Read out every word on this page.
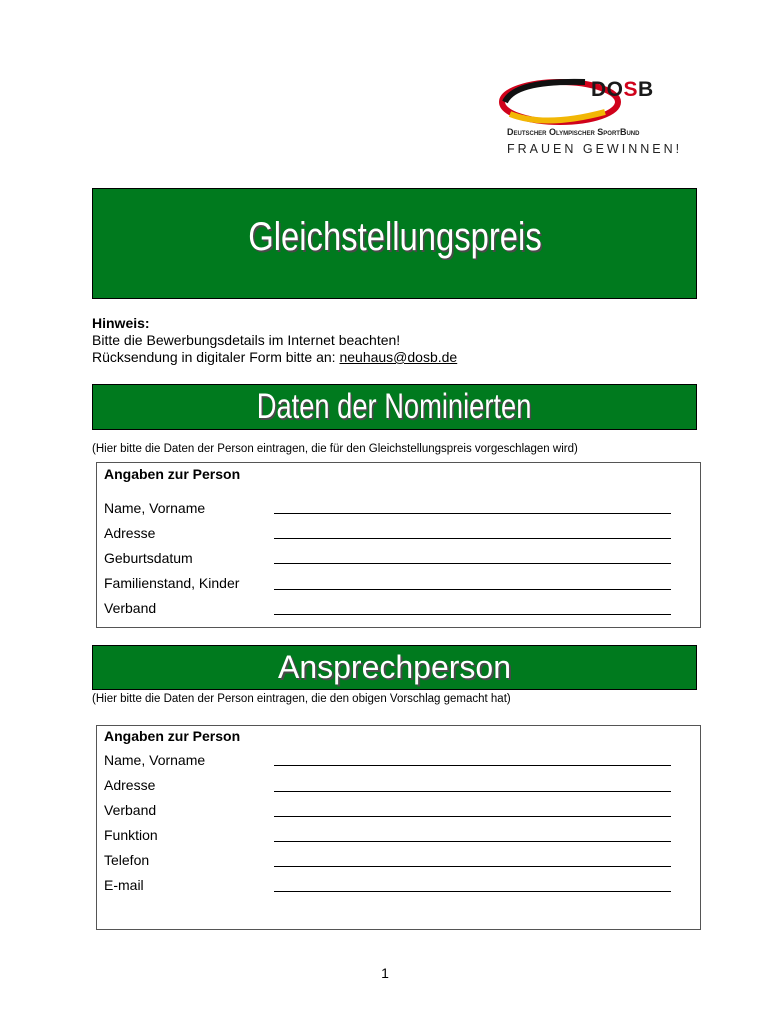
DOSB
Deutscher Olympischer SportBund
FRAUEN GEWINNEN!
Gleichstellungspreis
Hinweis:
Bitte die Bewerbungsdetails im Internet beachten!
Rücksendung in digitaler Form bitte an: neuhaus@dosb.de
Daten der Nominierten
(Hier bitte die Daten der Person eintragen, die für den Gleichstellungspreis vorgeschlagen wird)
Angaben zur Person
Name, Vorname
Adresse
Geburtsdatum
Familienstand, Kinder
Verband
Ansprechperson
(Hier bitte die Daten der Person eintragen, die den obigen Vorschlag gemacht hat)
Angaben zur Person
Name, Vorname
Adresse
Verband
Funktion
Telefon
E-mail
1
